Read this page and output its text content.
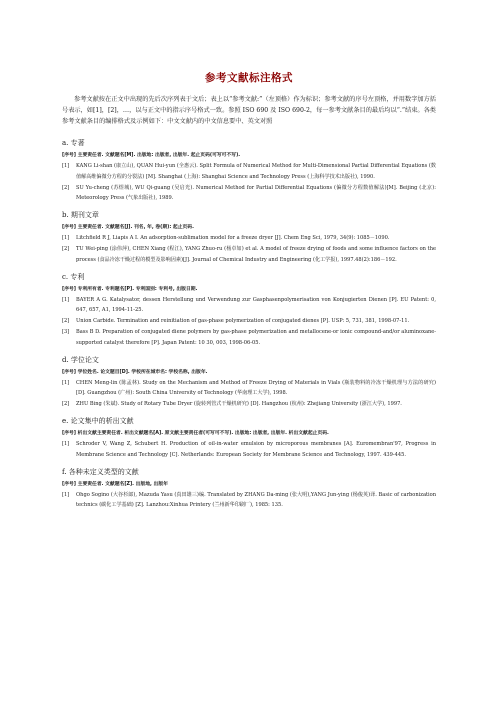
参考文献标注格式
参考文献按在正文中出现的先后次序列表于文后；表上以“参考文献:”（左顶格）作为标识；参考文献的序号左顶格，并用数字加方括号表示，如[1]，[2]，…，以与正文中的指示序号格式一致。参照 ISO 690 及 ISO 690-2，每一参考文献条目的最后均以“.”结束。各类参考文献条目的编排格式及示例如下：中文文献内的中文信息要中、英文对照
a. 专著
[序号] 主要责任者. 文献题名[M]. 出版地: 出版者, 出版年. 起止页码(可写可不写).
[1]	KANG Li-shan (康立山), QUAN Hui-yun (全惠云). Split Formula of Numerical Method for Multi-Dimensional Partial Differential Equations (数值解高维偏微分方程的分裂法) [M]. Shanghai (上海): Shanghai Science and Technology Press (上海科学技术出版社), 1990.
[2]	SU Yu-cheng (苏煜城), WU Qi-guang (吴启光). Numerical Method for Partial Differential Equations (偏微分方程数值解法)[M]. Beijing (北京): Meteorology Press (气象出版社), 1989.
b. 期刊文章
[序号] 主要责任者. 文献题名[J]. 刊名, 年, 卷(期): 起止页码.
[1]	Litchfield R J, Liapis A I. An adsorption-sublimation model for a freeze dryer [J]. Chem Eng Sci, 1979, 34(9): 1085－1090.
[2]	TU Wei-ping (涂伟萍), CHEN Xiang (程江), YANG Zhuo-ru (杨卓如) et al. A model of freeze drying of foods and some influence factors on the process (食品冷冻干燥过程的模型及影响因素)[J]. Journal of Chemical Industry and Engineering (化工学报), 1997.48(2):186－192.
c. 专利
[序号] 专利所有者. 专利题名[P]. 专利国别: 专利号, 出版日期.
[1]	BAYER A G. Katalysator, dessen Herstellung und Verwendung zur Gasphasenpolymerisation von Konjugierten Dienen [P]. EU Patent: 0, 647, 657, A1, 1994-11-25.
[2]	Union Carbide. Termination and reinitiation of gas-phase polymerization of conjugated dienes [P]. USP: 5, 731, 381, 1998-07-11.
[3]	Bass B D. Preparation of conjugated diene polymers by gas-phase polymerization and metallocene-or ionic compound-and/or aluminoxane-supported catalyst therefore [P]. Japan Patent: 10 30, 003, 1998-06-05.
d. 学位论文
[序号] 学位姓名. 论文题目[D]. 学校所在城市名: 学校名称, 出版年.
[1]	CHEN Meng-lin (陈孟林). Study on the Mechanism and Method of Freeze Drying of Materials in Vials (瓶装物料的冷冻干燥机理与方法的研究) [D]. Guangzhou (广州): South China University of Technology (华南理工大学), 1998.
[2]	ZHU Bing (朱斌). Study of Rotary Tube Dryer (旋转列管式干燥机研究) [D]. Hangzhou (杭州): Zhejiang University (浙江大学), 1997.
e. 论文集中的析出文献
[序号] 析出文献主要责任者. 析出文献题名[A]. 原文献主要责任者(可写可不写). 出版地: 出版者, 出版年. 析出文献起止页码.
[1]	Schroder V, Wang Z, Schubert H. Production of oil-in-water emulsion by microporous membranes [A]. Euromembran'97, Progress in Membrane Science and Technology [C]. Netherlands: European Society for Membrane Science and Technology, 1997. 439-445.
f. 各种未定义类型的文献
[序号] 主要责任者. 文献题名[Z]. 出版地, 出版年
[1]	Ohgo Sogino (大谷杉郎), Mazuda Yasu (真田雄三)编. Translated by ZHANG Da-ming (张大明),YANG Jun-ying (杨俊英)译. Basic of carbonization technics (碳化工学基础) [Z]. Lanzhou:Xinhua Printery (兰州新华印刷厂), 1985: 135.
